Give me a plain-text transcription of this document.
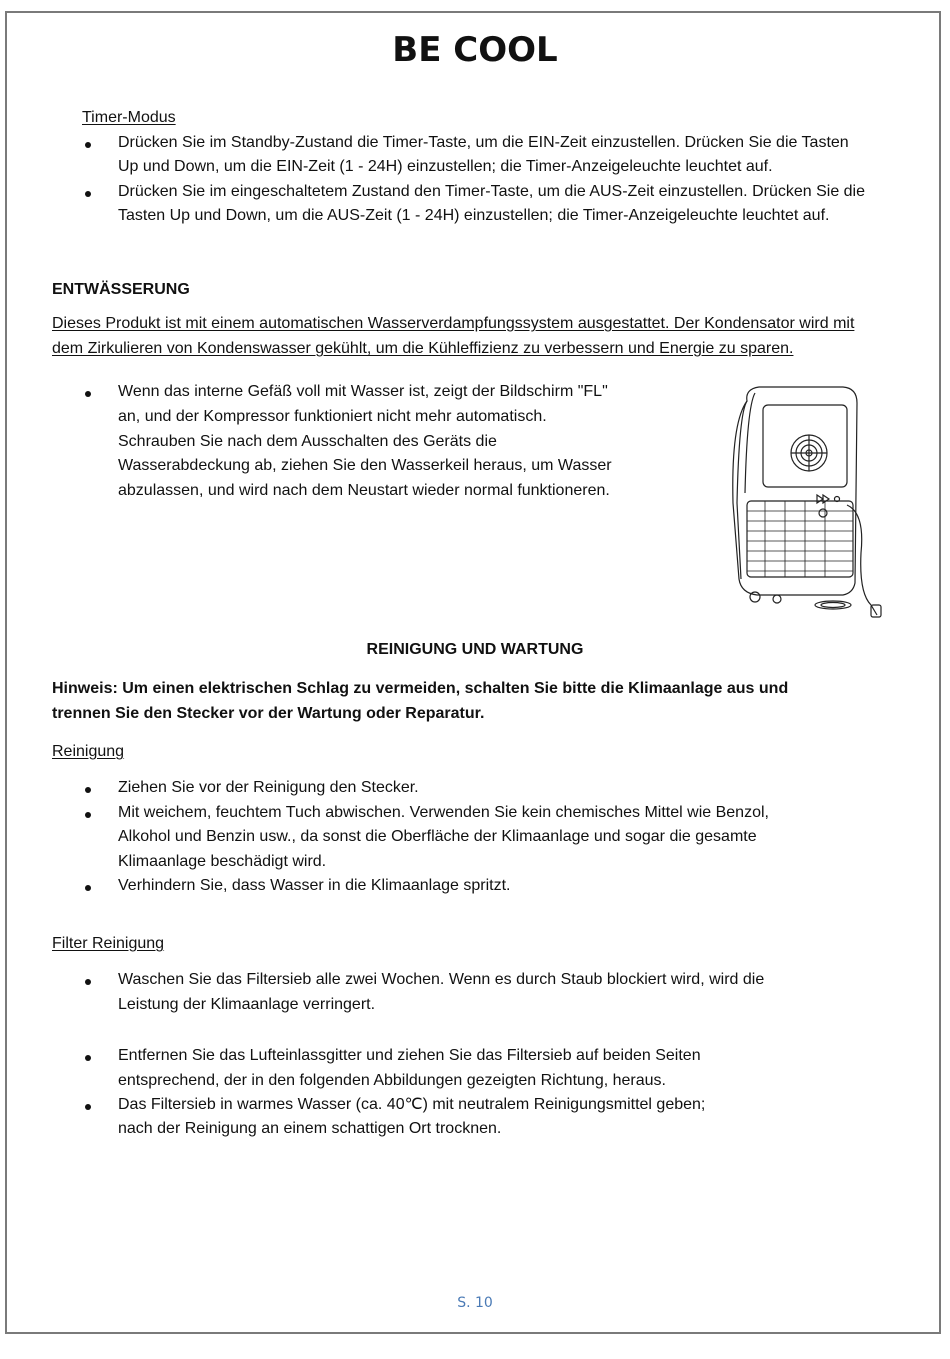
BE COOL
Timer-Modus
Drücken Sie im Standby-Zustand die Timer-Taste, um die EIN-Zeit einzustellen. Drücken Sie die Tasten
Up und Down, um die EIN-Zeit (1 - 24H) einzustellen; die Timer-Anzeigeleuchte leuchtet auf.
Drücken Sie im eingeschaltetem Zustand den Timer-Taste, um die AUS-Zeit einzustellen. Drücken Sie die
Tasten Up und Down, um die AUS-Zeit (1 - 24H) einzustellen; die Timer-Anzeigeleuchte leuchtet auf.
ENTWÄSSERUNG
Dieses Produkt ist mit einem automatischen Wasserverdampfungssystem ausgestattet. Der Kondensator wird mit
dem Zirkulieren von Kondenswasser gekühlt, um die Kühleffizienz zu verbessern und Energie zu sparen.
Wenn das interne Gefäß voll mit Wasser ist, zeigt der Bildschirm "FL"
an, und der Kompressor funktioniert nicht mehr automatisch.
Schrauben Sie nach dem Ausschalten des Geräts die
Wasserabdeckung ab, ziehen Sie den Wasserkeil heraus, um Wasser
abzulassen, und wird nach dem Neustart wieder normal funktioneren.
REINIGUNG UND WARTUNG
Hinweis: Um einen elektrischen Schlag zu vermeiden, schalten Sie bitte die Klimaanlage aus und
trennen Sie den Stecker vor der Wartung oder Reparatur.
Reinigung
Ziehen Sie vor der Reinigung den Stecker.
Mit weichem, feuchtem Tuch abwischen. Verwenden Sie kein chemisches Mittel wie Benzol,
Alkohol und Benzin usw., da sonst die Oberfläche der Klimaanlage und sogar die gesamte
Klimaanlage beschädigt wird.
Verhindern Sie, dass Wasser in die Klimaanlage spritzt.
Filter Reinigung
Waschen Sie das Filtersieb alle zwei Wochen. Wenn es durch Staub blockiert wird, wird die
Leistung der Klimaanlage verringert.
Entfernen Sie das Lufteinlassgitter und ziehen Sie das Filtersieb auf beiden Seiten
entsprechend, der in den folgenden Abbildungen gezeigten Richtung, heraus.
Das Filtersieb in warmes Wasser (ca. 40℃) mit neutralem Reinigungsmittel geben;
nach der Reinigung an einem schattigen Ort trocknen.
S. 10
